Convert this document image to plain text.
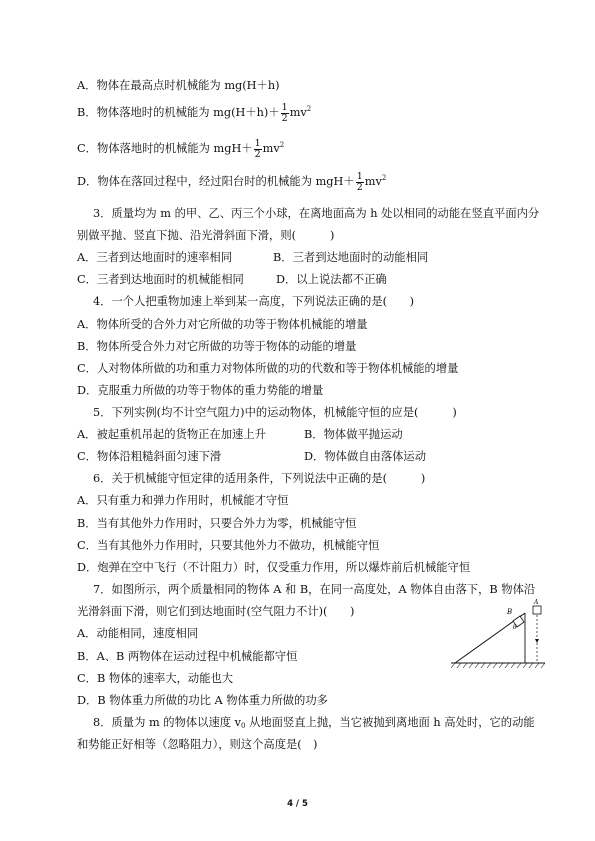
A．物体在最高点时机械能为 mg(H＋h)
B．物体落地时的机械能为 $mg(H+h)+ \frac{1}{2} mv^2$
C．物体落地时的机械能为 $mgH+ \frac{1}{2} mv^2$
D．物体在落回过程中，经过阳台时的机械能为 $mgH+ \frac{1}{2} mv^2$
3．质量均为 m 的甲、乙、丙三个小球，在离地面高为 h 处以相同的动能在竖直平面内分
别做平抛、竖直下抛、沿光滑斜面下滑，则(　　　)
A．三者到达地面时的速率相同	B．三者到达地面时的动能相同
C．三者到达地面时的机械能相同	D．以上说法都不正确
4．一个人把重物加速上举到某一高度，下列说法正确的是(　　)
A．物体所受的合外力对它所做的功等于物体机械能的增量
B．物体所受合外力对它所做的功等于物体的动能的增量
C．人对物体所做的功和重力对物体所做的功的代数和等于物体机械能的增量
D．克服重力所做的功等于物体的重力势能的增量
5．下列实例(均不计空气阻力)中的运动物体，机械能守恒的应是(　　　)
A．被起重机吊起的货物正在加速上升	B．物体做平抛运动
C．物体沿粗糙斜面匀速下滑	D．物体做自由落体运动
6．关于机械能守恒定律的适用条件，下列说法中正确的是(　　　)
A．只有重力和弹力作用时，机械能才守恒
B．当有其他外力作用时，只要合外力为零，机械能守恒
C．当有其他外力作用时，只要其他外力不做功，机械能守恒
D．炮弹在空中飞行（不计阻力）时，仅受重力作用，所以爆炸前后机械能守恒
7．如图所示，两个质量相同的物体 A 和 B，在同一高度处，A 物体自由落下，B 物体沿
光滑斜面下滑，则它们到达地面时(空气阻力不计)(　　)
A．动能相同，速度相同
B．A、B 两物体在运动过程中机械能都守恒
C．B 物体的速率大，动能也大
D．B 物体重力所做的功比 A 物体重力所做的功多
B
θ
A
8．质量为 m 的物体以速度 $v_0$ 从地面竖直上抛，当它被抛到离地面 h 高处时，它的动能
和势能正好相等（忽略阻力），则这个高度是(　)
4 / 5
